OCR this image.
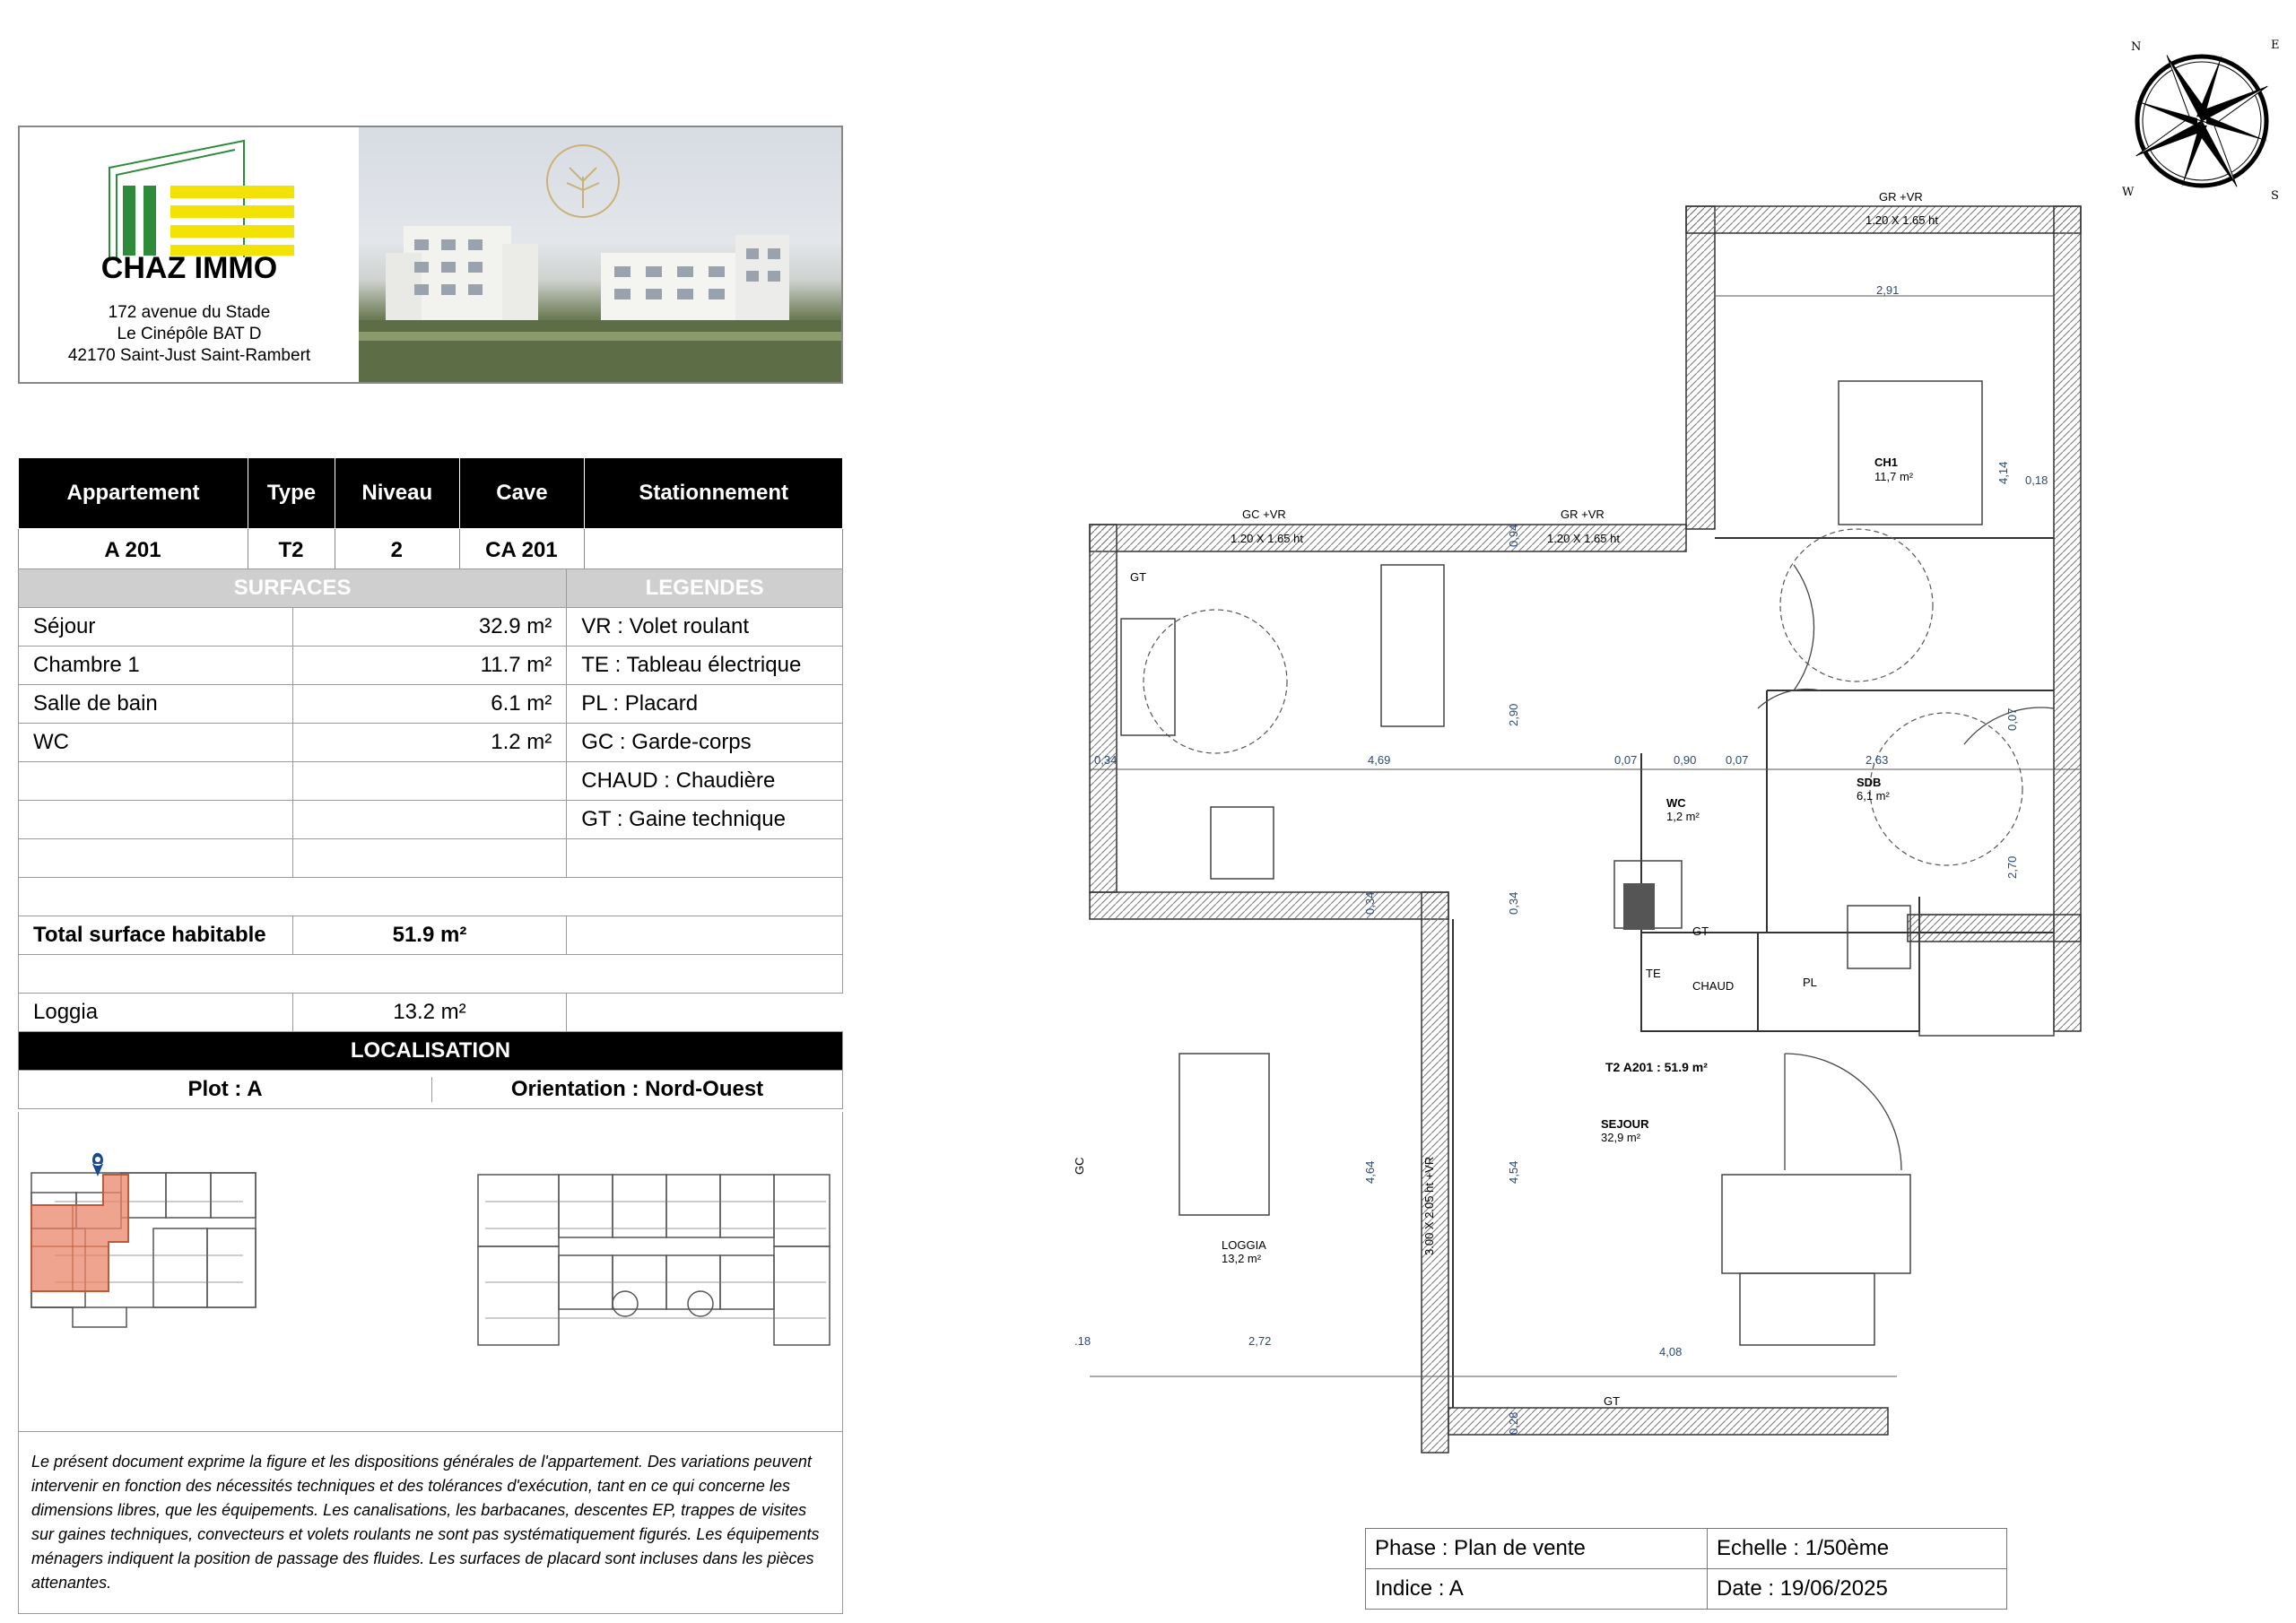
CHAZ IMMO
172 avenue du Stade
Le Cinépôle BAT D
42170 Saint-Just Saint-Rambert
N	E
S
W
Appartement	Type	Niveau	Cave	Stationnement
A 201	T2	2	CA 201	
SURFACES		LEGENDES
Séjour	32.9 m²	VR : Volet roulant
Chambre 1	11.7 m²	TE : Tableau électrique
Salle de bain	6.1 m²	PL : Placard
WC	1.2 m²	GC : Garde-corps
		CHAUD : Chaudière
		GT : Gaine technique

Total surface habitable	51.9 m²	

Loggia	13.2 m²	
LOCALISATION		

Plot : A Orientation : Nord-Ouest		
Le présent document exprime la figure et les dispositions générales de l'appartement. Des variations peuvent intervenir en fonction des nécessités techniques et des tolérances d'exécution, tant en ce qui concerne les dimensions libres, que les équipements. Les canalisations, les barbacanes, descentes EP, trappes de visites sur gaines techniques, convecteurs et volets roulants ne sont pas systématiquement figurés. Les équipements ménagers indiquent la position de passage des fluides. Les surfaces de placard sont incluses dans les pièces attenantes.
Phase : Plan de vente	Echelle : 1/50ème
Indice : A	Date : 19/06/2025
GR +VR
1.20 X 1.65 ht
GC +VR
1.20 X 1.65 ht
GR +VR
1.20 X 1.65 ht
GT
GT
GT
TE
CHAUD	PL
GC	3.00 X 2.05 ht +VR
CH1
11,7 m²
SDB
6,1 m²
WC
1,2 m²
SEJOUR
32,9 m²
LOGGIA
13,2 m²
T2 A201 : 51.9 m²
2,91
4,14 0,18
0,34	4,69	0,07	0,90	0,07	2,63
2,90
0,94
0,07
2,70
0,34	0,34
4,64	4,54
2,72
4,08
.18
0,28
